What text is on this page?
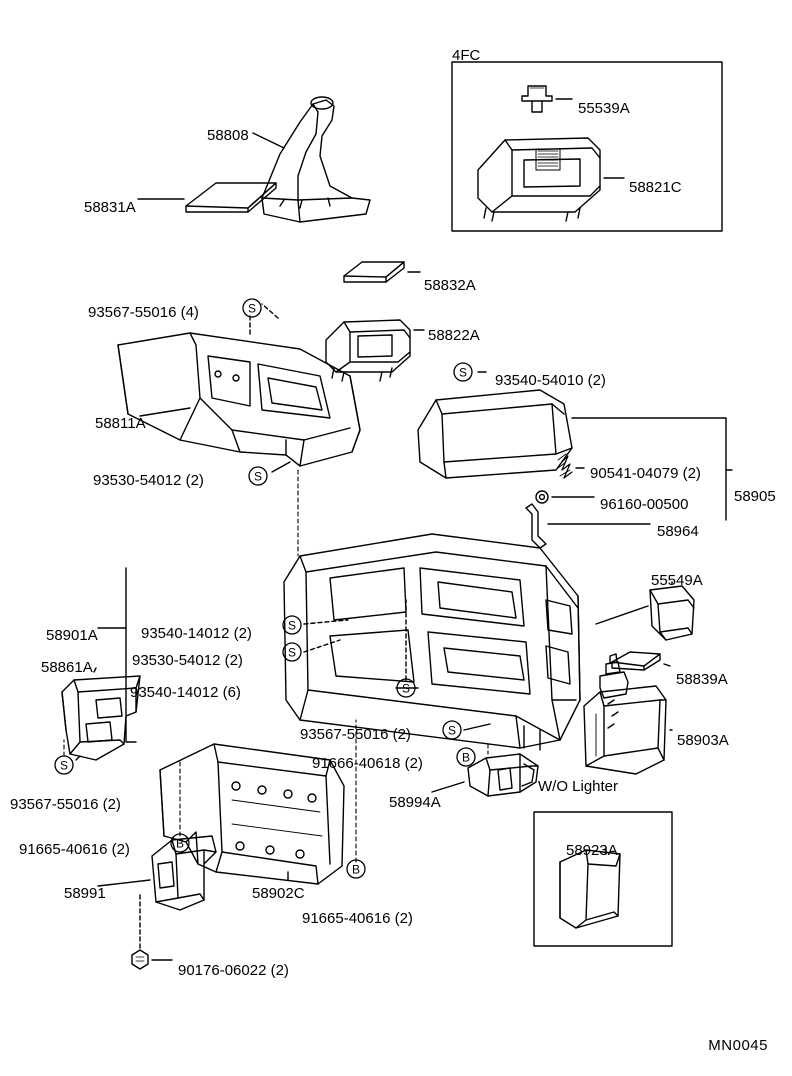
S
S
S
S
S
S
S
S
B
B
B
4FC
W/O Lighter
58808
58831A
55539A
58821C
58832A
58822A
93567-55016 (4)
58811A
93530-54012 (2)
93540-54010 (2)
90541-04079 (2)
96160-00500
58964
58905
55549A
58901A	93540-14012 (2)
93530-54012 (2)
93540-14012 (6)
58861A
58839A
58903A
93567-55016 (2)
91666-40618 (2)
58994A
93567-55016 (2)
91665-40616 (2)
58991	58902C
91665-40616 (2)
90176-06022 (2)
58923A
MN0045
